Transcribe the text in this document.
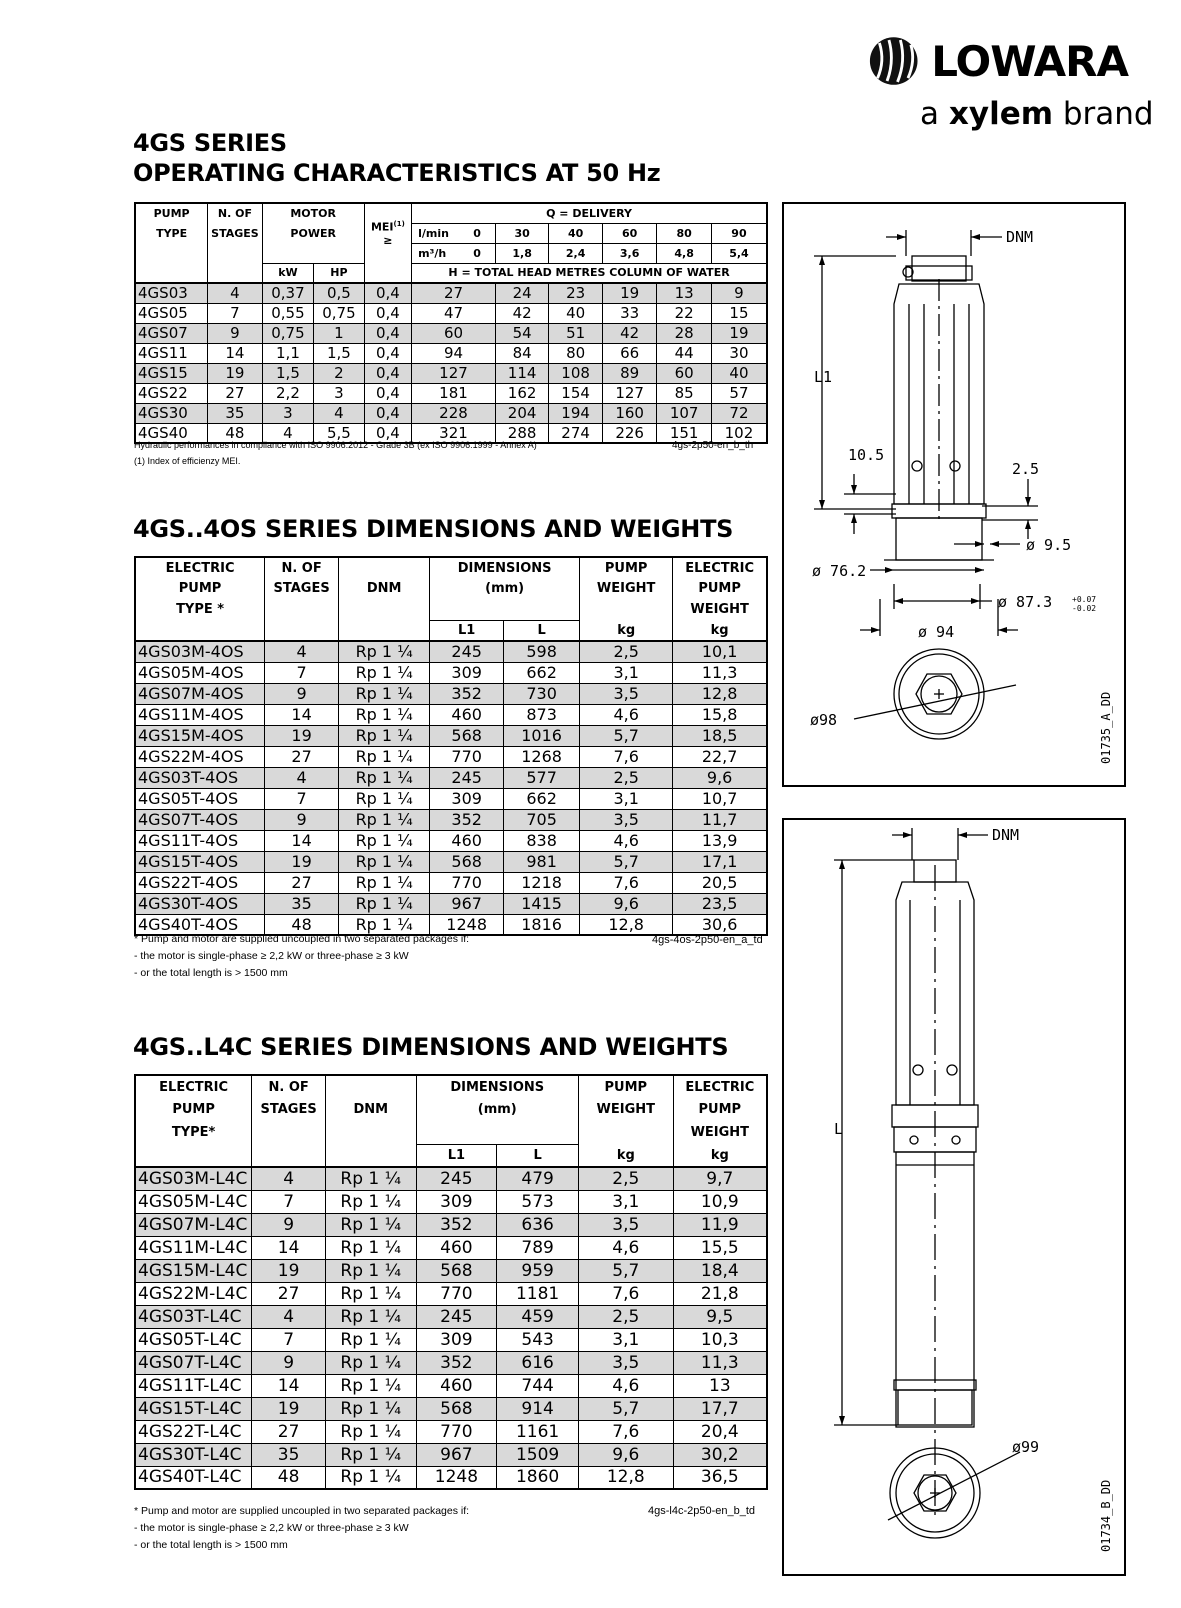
LOWARA
a xylem brand
4GS SERIES
OPERATING CHARACTERISTICS AT 50 Hz
PUMP	N. OF	MOTOR		$MEI^{(1)}$
≥	Q = DELIVERY					
TYPE	STAGES	POWER			l/min 0	30	40	60	80	90
					m³/h 0	1,8	2,4	3,6	4,8	5,4
		kW	HP		H = TOTAL HEAD METRES COLUMN OF WATER					
4GS03	4	0,37	0,5	0,4	27	24	23	19	13	9
4GS05	7	0,55	0,75	0,4	47	42	40	33	22	15
4GS07	9	0,75	1	0,4	60	54	51	42	28	19
4GS11	14	1,1	1,5	0,4	94	84	80	66	44	30
4GS15	19	1,5	2	0,4	127	114	108	89	60	40
4GS22	27	2,2	3	0,4	181	162	154	127	85	57
4GS30	35	3	4	0,4	228	204	194	160	107	72
4GS40	48	4	5,5	0,4	321	288	274	226	151	102
Hydraulic performances in compliance with ISO 9906:2012 - Grade 3B (ex ISO 9906:1999 - Annex A)
(1) Index of efficienzy MEI.
4gs-2p50-en_b_th
4GS..4OS SERIES DIMENSIONS AND WEIGHTS
ELECTRIC	N. OF		DIMENSIONS		PUMP	ELECTRIC
PUMP	STAGES	DNM	(mm)		WEIGHT	PUMP
TYPE *						WEIGHT
			L1	L	kg	kg
4GS03M-4OS	4	Rp 1 ¼	245	598	2,5	10,1
4GS05M-4OS	7	Rp 1 ¼	309	662	3,1	11,3
4GS07M-4OS	9	Rp 1 ¼	352	730	3,5	12,8
4GS11M-4OS	14	Rp 1 ¼	460	873	4,6	15,8
4GS15M-4OS	19	Rp 1 ¼	568	1016	5,7	18,5
4GS22M-4OS	27	Rp 1 ¼	770	1268	7,6	22,7
4GS03T-4OS	4	Rp 1 ¼	245	577	2,5	9,6
4GS05T-4OS	7	Rp 1 ¼	309	662	3,1	10,7
4GS07T-4OS	9	Rp 1 ¼	352	705	3,5	11,7
4GS11T-4OS	14	Rp 1 ¼	460	838	4,6	13,9
4GS15T-4OS	19	Rp 1 ¼	568	981	5,7	17,1
4GS22T-4OS	27	Rp 1 ¼	770	1218	7,6	20,5
4GS30T-4OS	35	Rp 1 ¼	967	1415	9,6	23,5
4GS40T-4OS	48	Rp 1 ¼	1248	1816	12,8	30,6
* Pump and motor are supplied uncoupled in two separated packages if:
- the motor is single-phase ≥ 2,2 kW or three-phase ≥ 3 kW
- or the total length is > 1500 mm
4gs-4os-2p50-en_a_td
4GS..L4C SERIES DIMENSIONS AND WEIGHTS
ELECTRIC	N. OF		DIMENSIONS		PUMP	ELECTRIC
PUMP	STAGES	DNM	(mm)		WEIGHT	PUMP
TYPE*						WEIGHT
			L1	L	kg	kg
4GS03M-L4C	4	Rp 1 ¼	245	479	2,5	9,7
4GS05M-L4C	7	Rp 1 ¼	309	573	3,1	10,9
4GS07M-L4C	9	Rp 1 ¼	352	636	3,5	11,9
4GS11M-L4C	14	Rp 1 ¼	460	789	4,6	15,5
4GS15M-L4C	19	Rp 1 ¼	568	959	5,7	18,4
4GS22M-L4C	27	Rp 1 ¼	770	1181	7,6	21,8
4GS03T-L4C	4	Rp 1 ¼	245	459	2,5	9,5
4GS05T-L4C	7	Rp 1 ¼	309	543	3,1	10,3
4GS07T-L4C	9	Rp 1 ¼	352	616	3,5	11,3
4GS11T-L4C	14	Rp 1 ¼	460	744	4,6	13
4GS15T-L4C	19	Rp 1 ¼	568	914	5,7	17,7
4GS22T-L4C	27	Rp 1 ¼	770	1161	7,6	20,4
4GS30T-L4C	35	Rp 1 ¼	967	1509	9,6	30,2
4GS40T-L4C	48	Rp 1 ¼	1248	1860	12,8	36,5
* Pump and motor are supplied uncoupled in two separated packages if:
- the motor is single-phase ≥ 2,2 kW or three-phase ≥ 3 kW
- or the total length is > 1500 mm
4gs-l4c-2p50-en_b_td
DNM
L1
10.5
2.5
ø 9.5
ø 76.2
ø 87.3 +0.07
-0.02
ø 94
ø98	01735_A_DD
DNM
L
ø99
01734_B_DD
